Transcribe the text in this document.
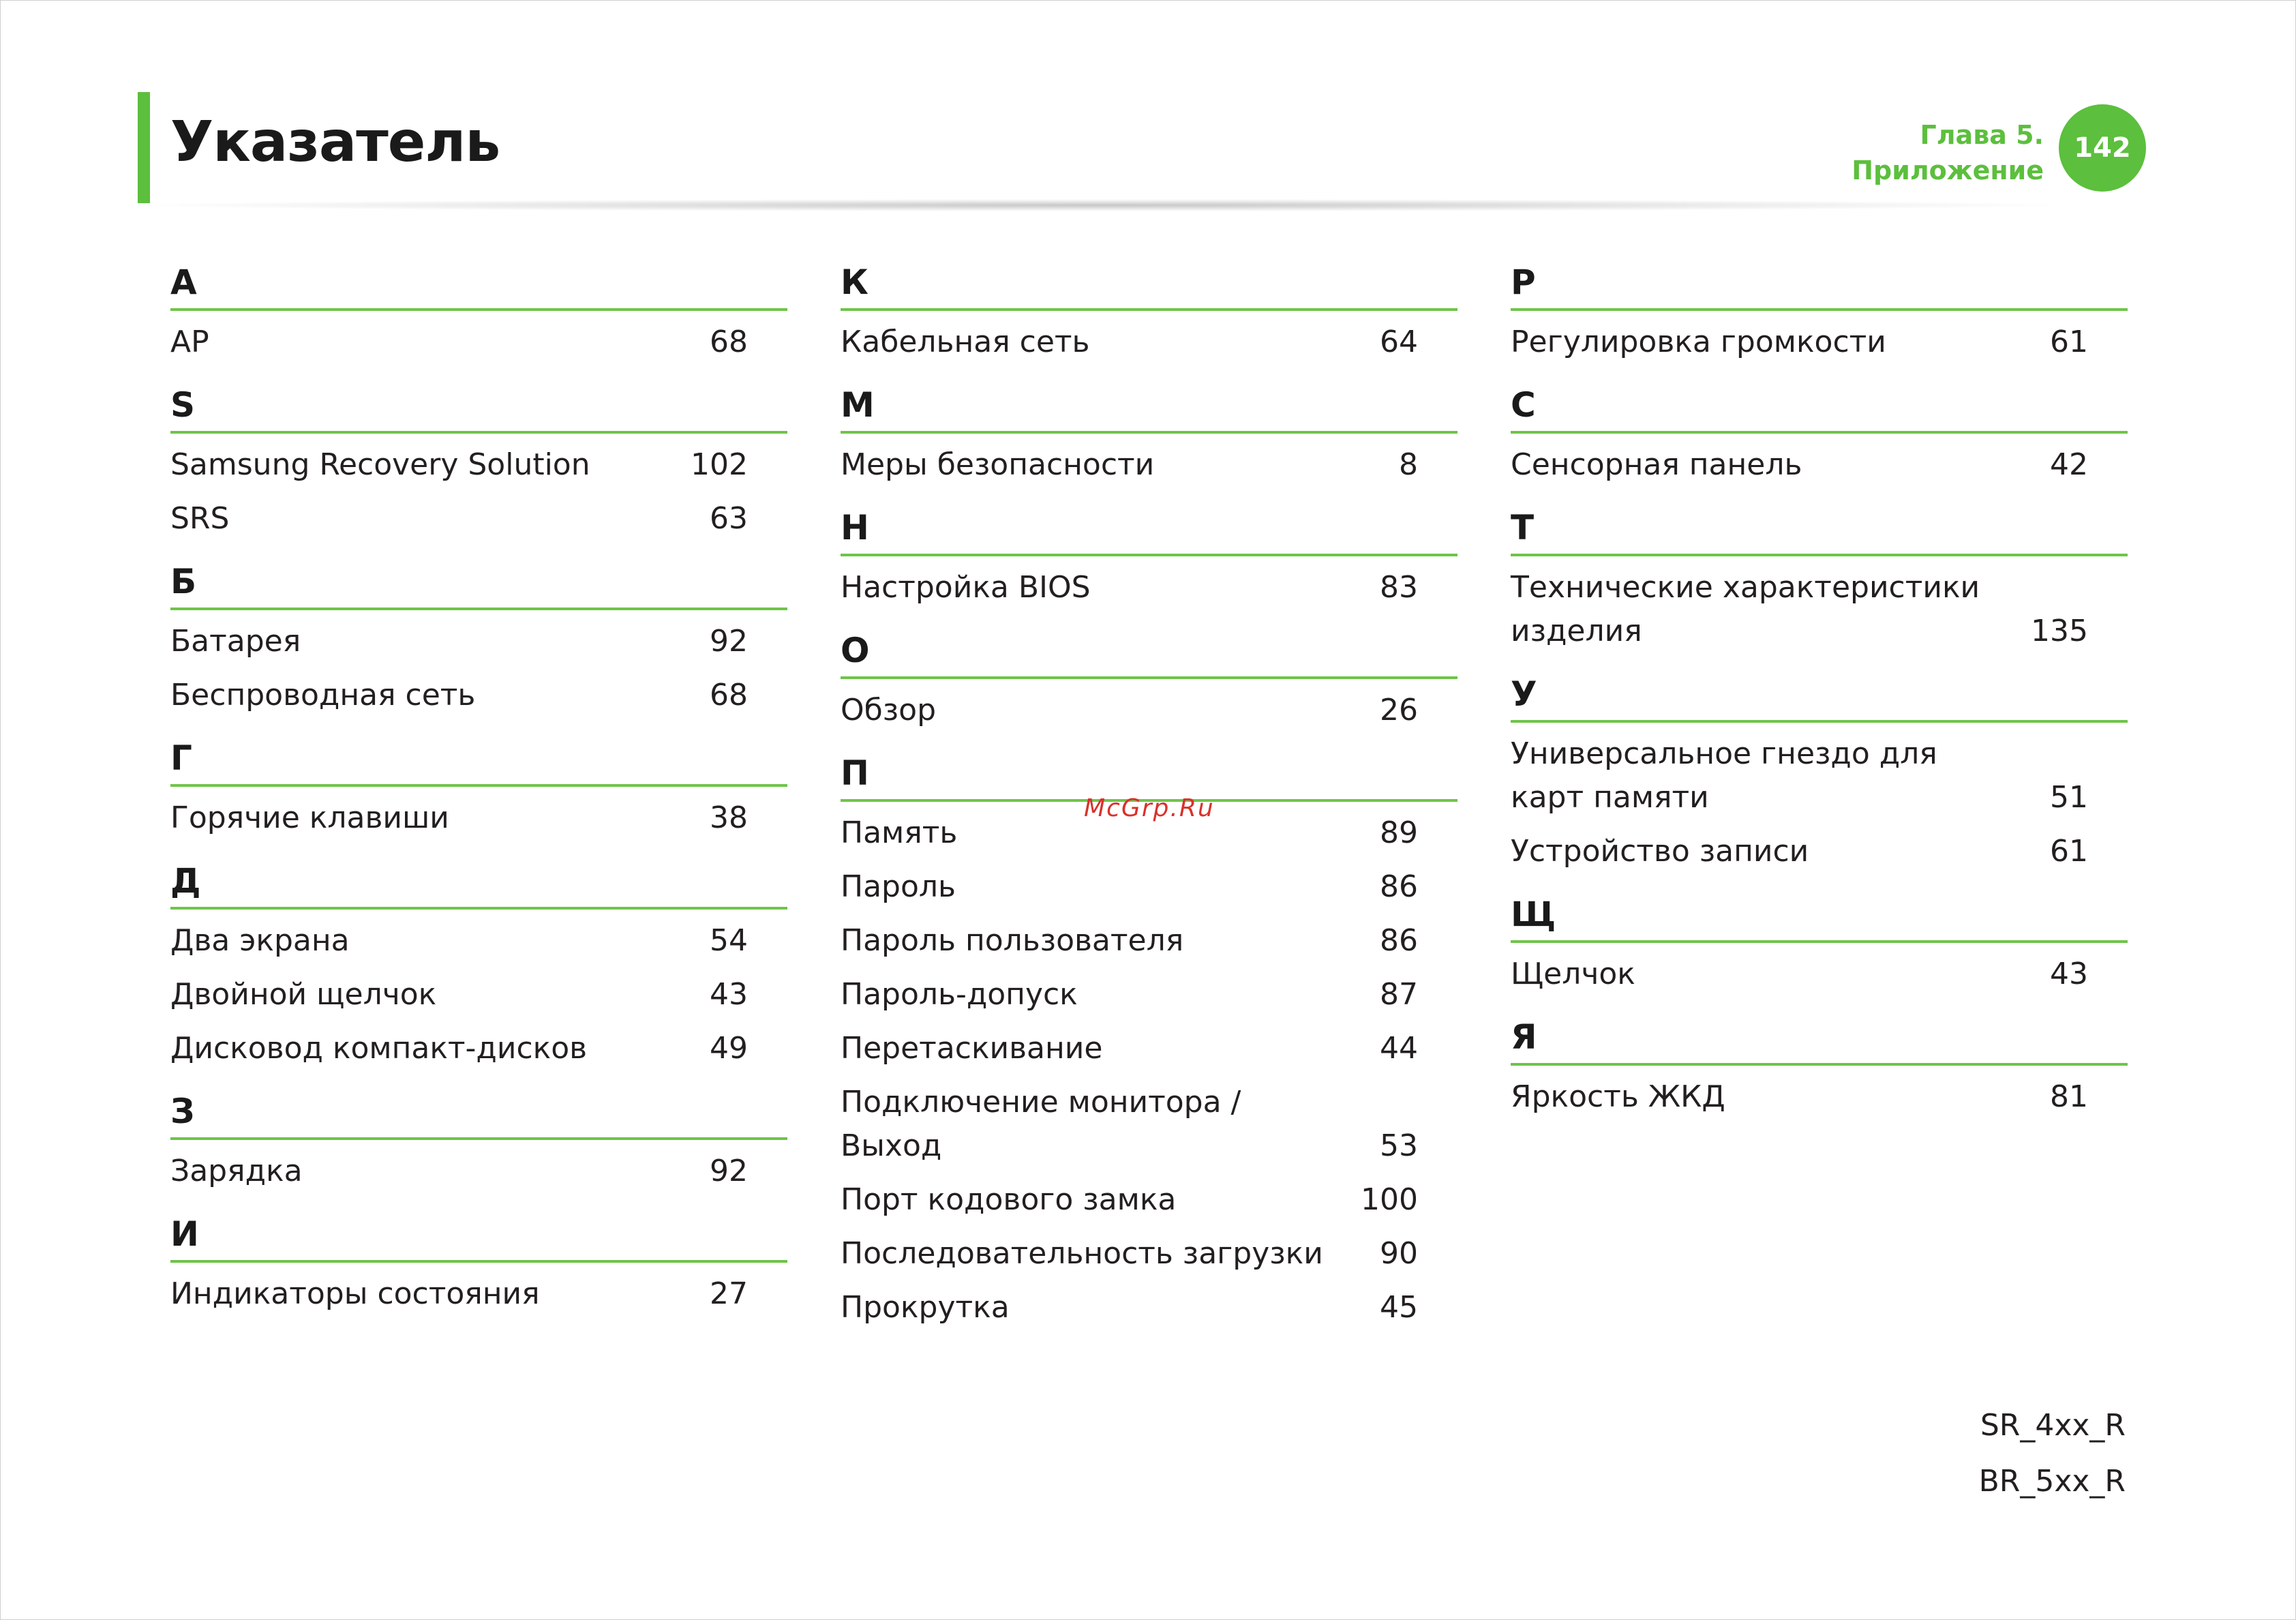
Указатель	Глава 5.
Приложение
142
A
AP	68
S
Samsung Recovery Solution	102
SRS	63
Б
Батарея	92
Беспроводная сеть	68
Г
Горячие клавиши	38
Д
Два экрана	54
Двойной щелчок	43
Дисковод компакт-дисков	49
З
Зарядка	92
И
Индикаторы состояния	27
К
Кабельная сеть	64
М
Меры безопасности	8
Н
Настройка BIOS	83
О
Обзор	26
П
Память	89
Пароль	86
Пароль пользователя	86
Пароль-допуск	87
Перетаскивание	44
Подключение монитора / Выход	53
Порт кодового замка	100
Последовательность загрузки 90
Прокрутка	45
Р
Регулировка громкости	61
С
Сенсорная панель	42
Т
Технические характеристики изделия	135
У
Универсальное гнездо для карт памяти	51
Устройство записи	61
Щ
Щелчок	43
Я
Яркость ЖКД	81
McGrp.Ru
SR_4xx_R
BR_5xx_R
